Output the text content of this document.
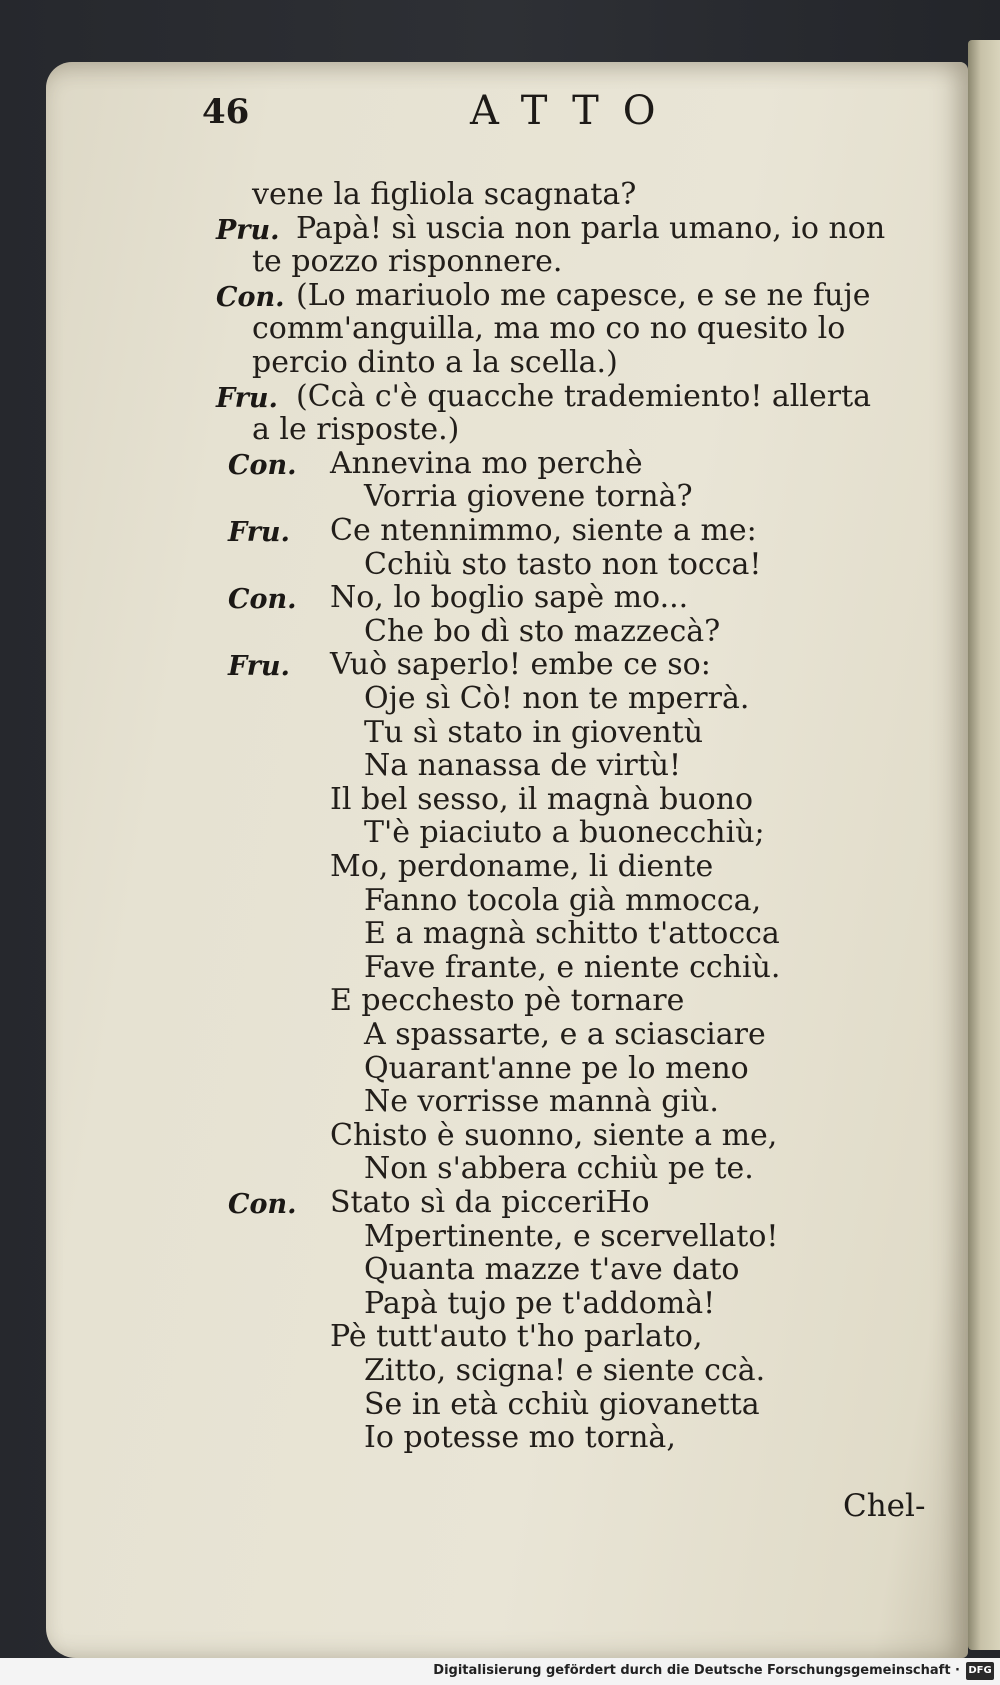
46	ATTO
vene la figliola scagnata?
Pru. Papà! sì uscia non parla umano, io non
te pozzo risponnere.
Con. (Lo mariuolo me capesce, e se ne fuje
comm'anguilla, ma mo co no quesito lo
percio dinto a la scella.)
Fru. (Ccà c'è quacche trademiento! allerta
a le risposte.)
Con. Annevina mo perchè
Vorria giovene tornà?
Fru. Ce ntennimmo, siente a me:
Cchiù sto tasto non tocca!
Con. No, lo boglio sapè mo...
Che bo dì sto mazzecà?
Fru. Vuò saperlo! embe ce so:
Oje sì Cò! non te mperrà.
Tu sì stato in gioventù
Na nanassa de virtù!
Il bel sesso, il magnà buono
T'è piaciuto a buonecchiù;
Mo, perdoname, li diente
Fanno tocola già mmocca,
E a magnà schitto t'attocca
Fave frante, e niente cchiù.
E pecchesto pè tornare
A spassarte, e a sciasciare
Quarant'anne pe lo meno
Ne vorrisse mannà giù.
Chisto è suonno, siente a me,
Non s'abbera cchiù pe te.
Con. Stato sì da picceriHo
Mpertinente, e scervellato!
Quanta mazze t'ave dato
Papà tujo pe t'addomà!
Pè tutt'auto t'ho parlato,
Zitto, scigna! e siente ccà.
Se in età cchiù giovanetta
Io potesse mo tornà,
Chel-
Digitalisierung gefördert durch die Deutsche Forschungsgemeinschaft · DFG
